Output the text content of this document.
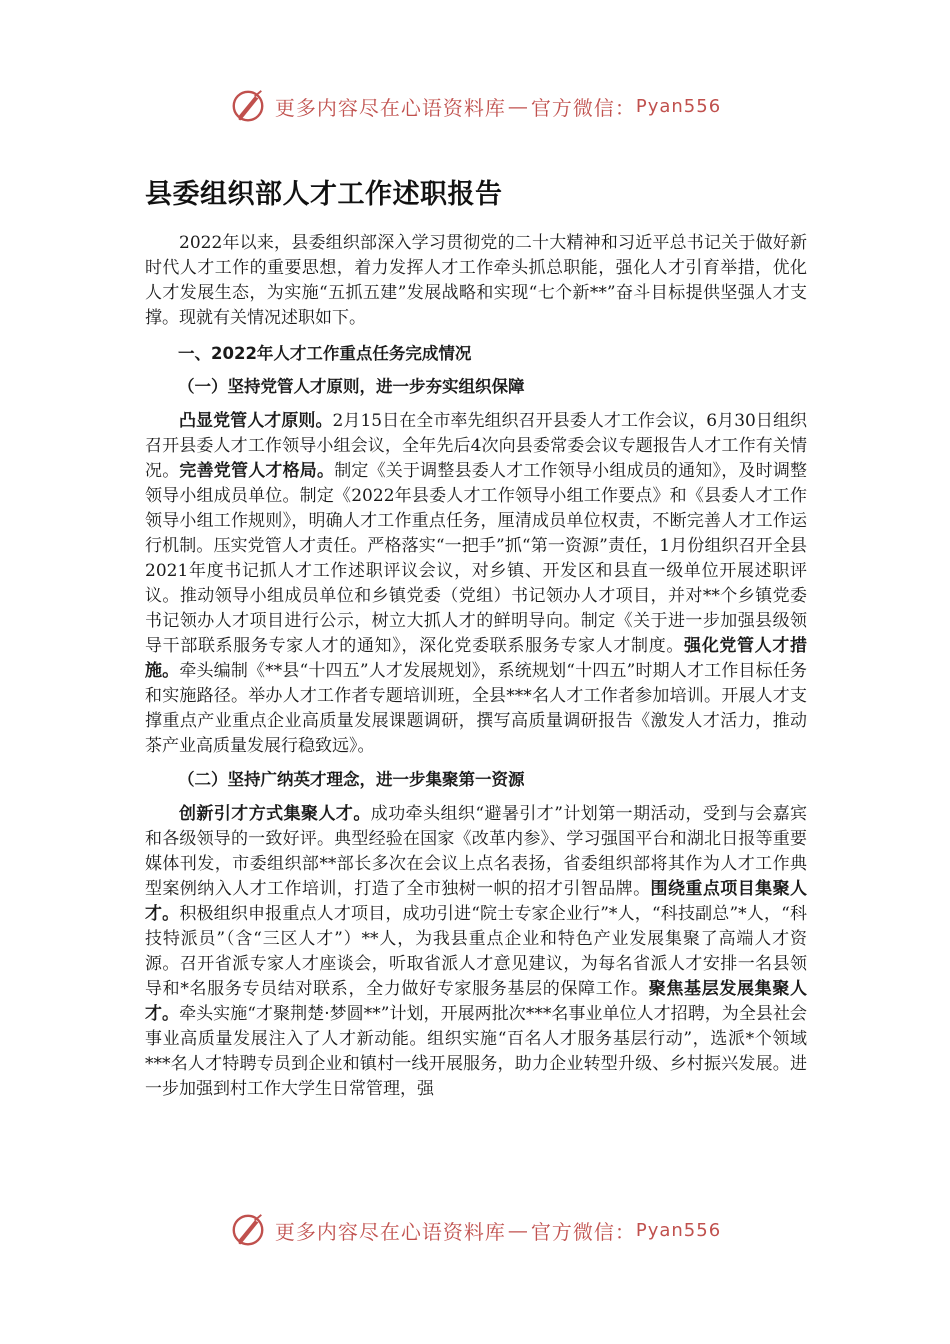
更多内容尽在心语资料库 — 官方微信： Pyan556
县委组织部人才工作述职报告

2022年以来，县委组织部深入学习贯彻党的二十大精神和习近平总书记关于做好新时代人才工作的重要思想，着力发挥人才工作牵头抓总职能，强化人才引育举措，优化人才发展生态，为实施“五抓五建”发展战略和实现“七个新**”奋斗目标提供坚强人才支撑。现就有关情况述职如下。

一、2022年人才工作重点任务完成情况

（一）坚持党管人才原则，进一步夯实组织保障

凸显党管人才原则。2月15日在全市率先组织召开县委人才工作会议，6月30日组织召开县委人才工作领导小组会议，全年先后4次向县委常委会议专题报告人才工作有关情况。完善党管人才格局。制定《关于调整县委人才工作领导小组成员的通知》，及时调整领导小组成员单位。制定《2022年县委人才工作领导小组工作要点》和《县委人才工作领导小组工作规则》，明确人才工作重点任务，厘清成员单位权责，不断完善人才工作运行机制。压实党管人才责任。严格落实“一把手”抓“第一资源”责任，1月份组织召开全县2021年度书记抓人才工作述职评议会议，对乡镇、开发区和县直一级单位开展述职评议。推动领导小组成员单位和乡镇党委（党组）书记领办人才项目，并对**个乡镇党委书记领办人才项目进行公示，树立大抓人才的鲜明导向。制定《关于进一步加强县级领导干部联系服务专家人才的通知》，深化党委联系服务专家人才制度。强化党管人才措施。牵头编制《**县“十四五”人才发展规划》，系统规划“十四五”时期人才工作目标任务和实施路径。举办人才工作者专题培训班，全县***名人才工作者参加培训。开展人才支撑重点产业重点企业高质量发展课题调研，撰写高质量调研报告《激发人才活力，推动茶产业高质量发展行稳致远》。

（二）坚持广纳英才理念，进一步集聚第一资源

创新引才方式集聚人才。成功牵头组织“避暑引才”计划第一期活动，受到与会嘉宾和各级领导的一致好评。典型经验在国家《改革内参》、学习强国平台和湖北日报等重要媒体刊发，市委组织部**部长多次在会议上点名表扬，省委组织部将其作为人才工作典型案例纳入人才工作培训，打造了全市独树一帜的招才引智品牌。围绕重点项目集聚人才。积极组织申报重点人才项目，成功引进“院士专家企业行”*人，“科技副总”*人，“科技特派员”（含“三区人才”）**人，为我县重点企业和特色产业发展集聚了高端人才资源。召开省派专家人才座谈会，听取省派人才意见建议，为每名省派人才安排一名县领导和*名服务专员结对联系，全力做好专家服务基层的保障工作。聚焦基层发展集聚人才。牵头实施“才聚荆楚·梦圆**”计划，开展两批次***名事业单位人才招聘，为全县社会事业高质量发展注入了人才新动能。组织实施“百名人才服务基层行动”，选派*个领域***名人才特聘专员到企业和镇村一线开展服务，助力企业转型升级、乡村振兴发展。进一步加强到村工作大学生日常管理，强

更多内容尽在心语资料库 — 官方微信： Pyan556
